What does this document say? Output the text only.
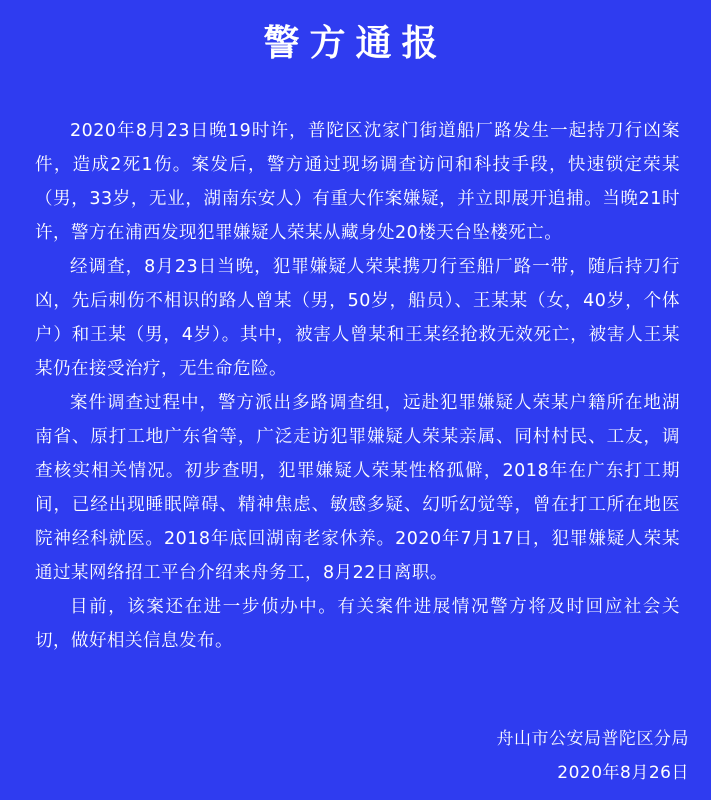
警方通报

2020年8月23日晚19时许，普陀区沈家门街道船厂路发生一起持刀行凶案件，造成2死1伤。案发后，警方通过现场调查访问和科技手段，快速锁定荣某（男，33岁，无业，湖南东安人）有重大作案嫌疑，并立即展开追捕。当晚21时许，警方在浦西发现犯罪嫌疑人荣某从藏身处20楼天台坠楼死亡。

经调查，8月23日当晚，犯罪嫌疑人荣某携刀行至船厂路一带，随后持刀行凶，先后刺伤不相识的路人曾某（男，50岁，船员）、王某某（女，40岁，个体户）和王某（男，4岁）。其中，被害人曾某和王某经抢救无效死亡，被害人王某某仍在接受治疗，无生命危险。

案件调查过程中，警方派出多路调查组，远赴犯罪嫌疑人荣某户籍所在地湖南省、原打工地广东省等，广泛走访犯罪嫌疑人荣某亲属、同村村民、工友，调查核实相关情况。初步查明，犯罪嫌疑人荣某性格孤僻，2018年在广东打工期间，已经出现睡眠障碍、精神焦虑、敏感多疑、幻听幻觉等，曾在打工所在地医院神经科就医。2018年底回湖南老家休养。2020年7月17日，犯罪嫌疑人荣某通过某网络招工平台介绍来舟务工，8月22日离职。

目前，该案还在进一步侦办中。有关案件进展情况警方将及时回应社会关切，做好相关信息发布。

舟山市公安局普陀区分局
2020年8月26日
